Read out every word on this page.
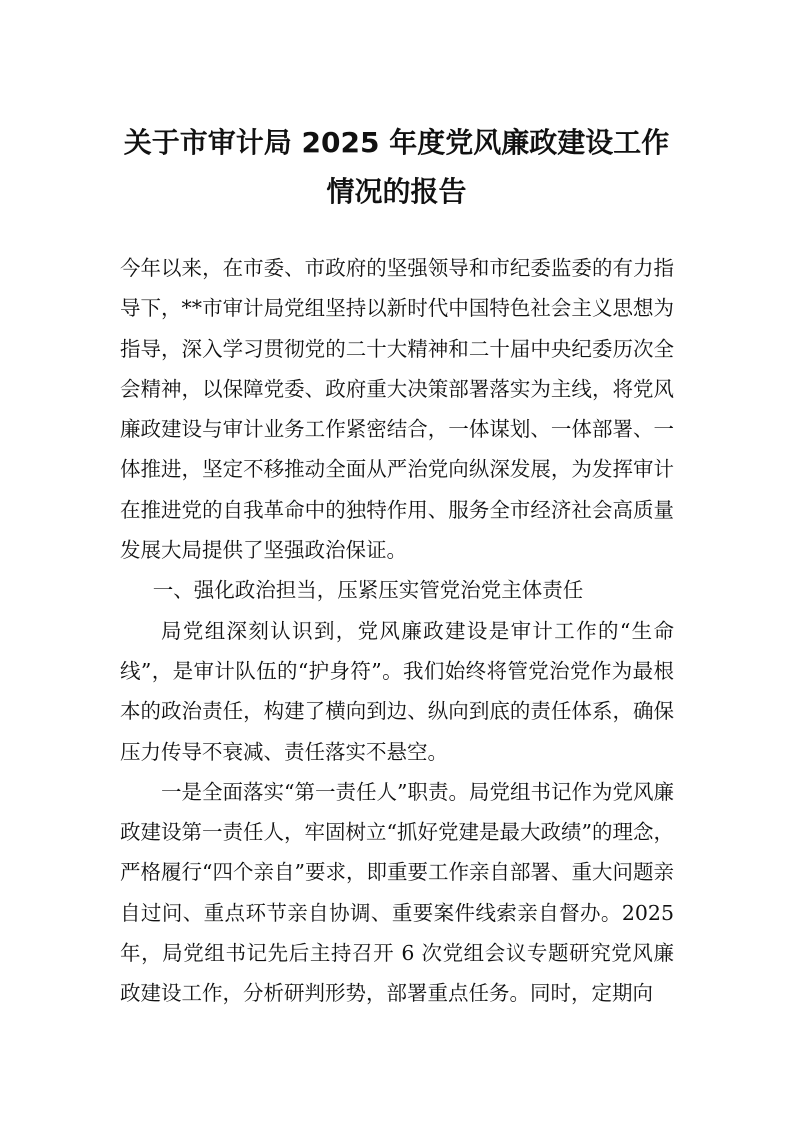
关于市审计局 2025 年度党风廉政建设工作
情况的报告

今年以来，在市委、市政府的坚强领导和市纪委监委的有力指导下，**市审计局党组坚持以新时代中国特色社会主义思想为指导，深入学习贯彻党的二十大精神和二十届中央纪委历次全会精神，以保障党委、政府重大决策部署落实为主线，将党风廉政建设与审计业务工作紧密结合，一体谋划、一体部署、一体推进，坚定不移推动全面从严治党向纵深发展，为发挥审计在推进党的自我革命中的独特作用、服务全市经济社会高质量发展大局提供了坚强政治保证。

一、强化政治担当，压紧压实管党治党主体责任

局党组深刻认识到，党风廉政建设是审计工作的“生命线”，是审计队伍的“护身符”。我们始终将管党治党作为最根本的政治责任，构建了横向到边、纵向到底的责任体系，确保压力传导不衰减、责任落实不悬空。

一是全面落实“第一责任人”职责。局党组书记作为党风廉政建设第一责任人，牢固树立“抓好党建是最大政绩”的理念，严格履行“四个亲自”要求，即重要工作亲自部署、重大问题亲自过问、重点环节亲自协调、重要案件线索亲自督办。2025年，局党组书记先后主持召开 6 次党组会议专题研究党风廉政建设工作，分析研判形势，部署重点任务。同时，定期向
